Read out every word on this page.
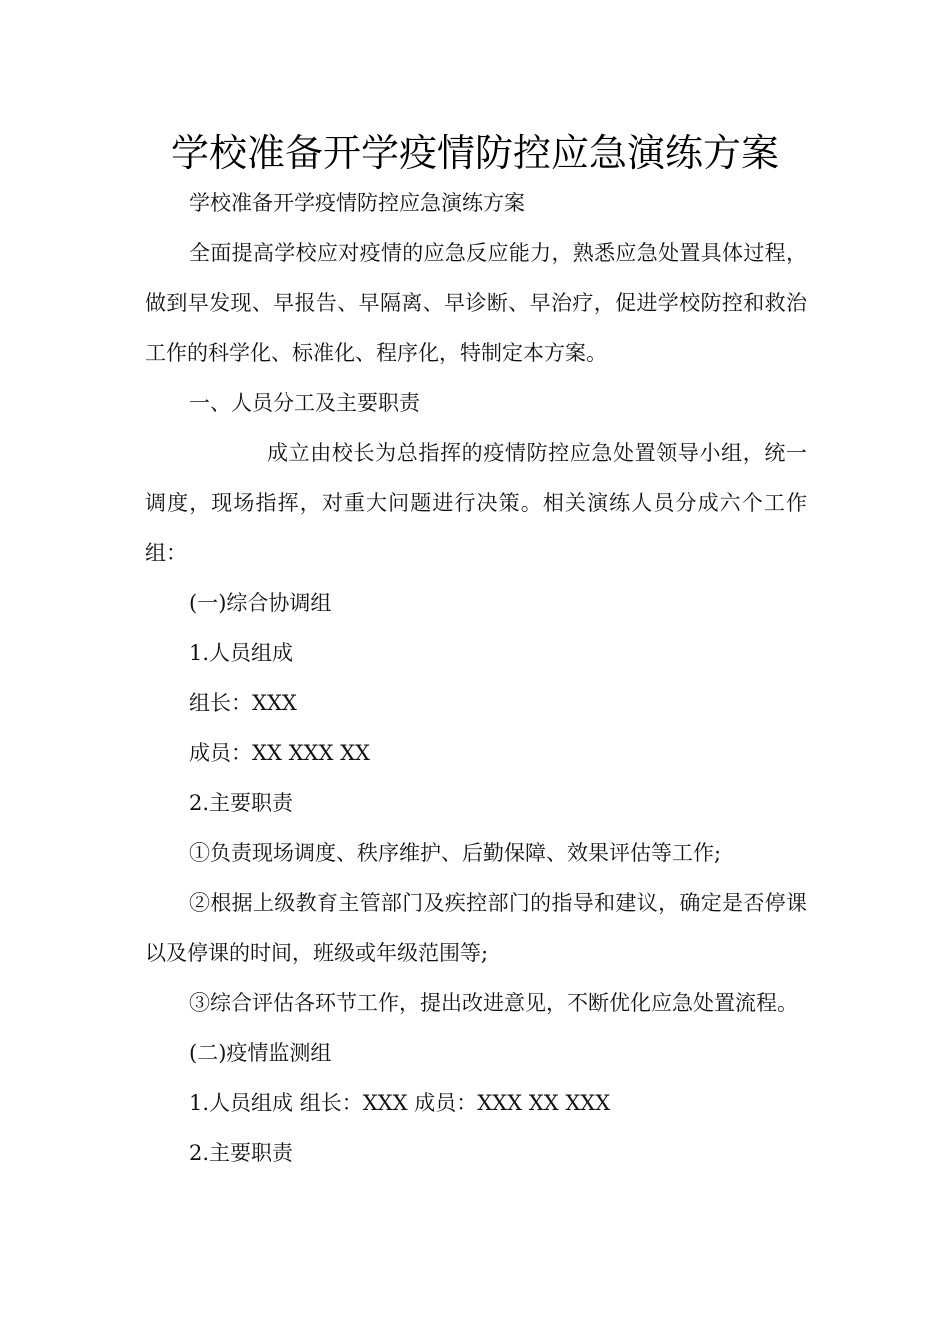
学校准备开学疫情防控应急演练方案

学校准备开学疫情防控应急演练方案

全面提高学校应对疫情的应急反应能力，熟悉应急处置具体过程，做到早发现、早报告、早隔离、早诊断、早治疗，促进学校防控和救治工作的科学化、标准化、程序化，特制定本方案。

一、人员分工及主要职责

成立由校长为总指挥的疫情防控应急处置领导小组，统一调度，现场指挥，对重大问题进行决策。相关演练人员分成六个工作组：

(一)综合协调组

1.人员组成

组长：XXX

成员：XX XXX XX

2.主要职责

①负责现场调度、秩序维护、后勤保障、效果评估等工作;

②根据上级教育主管部门及疾控部门的指导和建议，确定是否停课以及停课的时间，班级或年级范围等;

③综合评估各环节工作，提出改进意见，不断优化应急处置流程。

(二)疫情监测组

1.人员组成 组长：XXX 成员：XXX XX XXX

2.主要职责
